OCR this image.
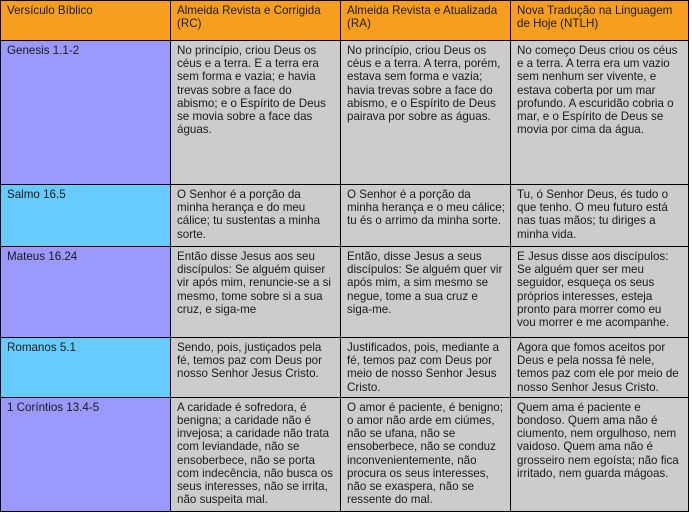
Versículo Bíblico	Almeida Revista e Corrigida (RC)	Almeida Revista e Atualizada (RA)	Nova Tradução na Linguagem de Hoje (NTLH)
Genesis 1.1-2	No princípio, criou Deus os céus e a terra. E a terra era sem forma e vazia; e havia trevas sobre a face do abismo; e o Espírito de Deus se movia sobre a face das águas.	No princípio, criou Deus os céus e a terra. A terra, porém, estava sem forma e vazia; havia trevas sobre a face do abismo, e o Espírito de Deus pairava por sobre as águas.	No começo Deus criou os céus e a terra. A terra era um vazio sem nenhum ser vivente, e estava coberta por um mar profundo. A escuridão cobria o mar, e o Espírito de Deus se movia por cima da água.
Salmo 16.5	O Senhor é a porção da minha herança e do meu cálice; tu sustentas a minha sorte.	O Senhor é a porção da minha herança e o meu cálice; tu és o arrimo da minha sorte.	Tu, ó Senhor Deus, és tudo o que tenho. O meu futuro está nas tuas mãos; tu diriges a minha vida.
Mateus 16.24	Então disse Jesus aos seu discípulos: Se alguém quiser vir após mim, renuncie-se a si mesmo, tome sobre si a sua cruz, e siga-me	Então, disse Jesus a seus discípulos: Se alguém quer vir após mim, a sim mesmo se negue, tome a sua cruz e siga-me.	E Jesus disse aos discípulos: Se alguém quer ser meu seguidor, esqueça os seus próprios interesses, esteja pronto para morrer como eu vou morrer e me acompanhe.
Romanos 5.1	Sendo, pois, justiçados pela fé, temos paz com Deus por nosso Senhor Jesus Cristo.	Justificados, pois, mediante a fé, temos paz com Deus por meio de nosso Senhor Jesus Cristo.	Agora que fomos aceitos por Deus e pela nossa fé nele, temos paz com ele por meio de nosso Senhor Jesus Cristo.
1 Coríntios 13.4-5	A caridade é sofredora, é benigna; a caridade não é invejosa; a caridade não trata com leviandade, não se ensoberbece, não se porta com indecência, não busca os seus interesses, não se irrita, não suspeita mal.	O amor é paciente, é benigno; o amor não arde em ciúmes, não se ufana, não se ensoberbece, não se conduz inconvenientemente, não procura os seus interesses, não se exaspera, não se ressente do mal.	Quem ama é paciente e bondoso. Quem ama não é ciumento, nem orgulhoso, nem vaidoso. Quem ama não é grosseiro nem egoísta; não fica irritado, nem guarda mágoas.
